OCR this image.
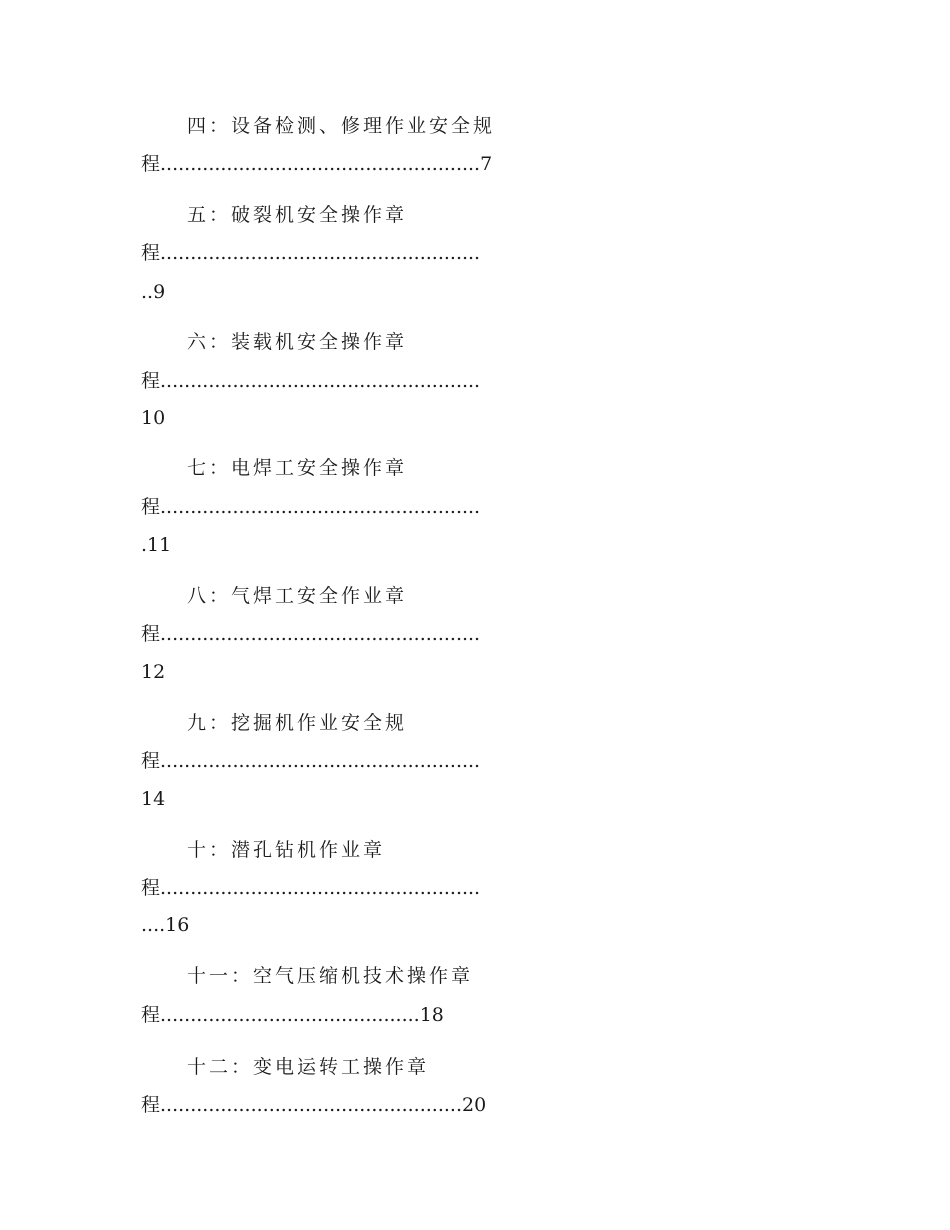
四：设备检测、修理作业安全规
程.....................................................7
五：破裂机安全操作章
程.....................................................
..9
六：装载机安全操作章
程.....................................................
10
七：电焊工安全操作章
程.....................................................
.11
八：气焊工安全作业章
程.....................................................
12
九：挖掘机作业安全规
程.....................................................
14
十：潜孔钻机作业章
程.....................................................
....16
十一：空气压缩机技术操作章
程...........................................18
十二：变电运转工操作章
程..................................................20
